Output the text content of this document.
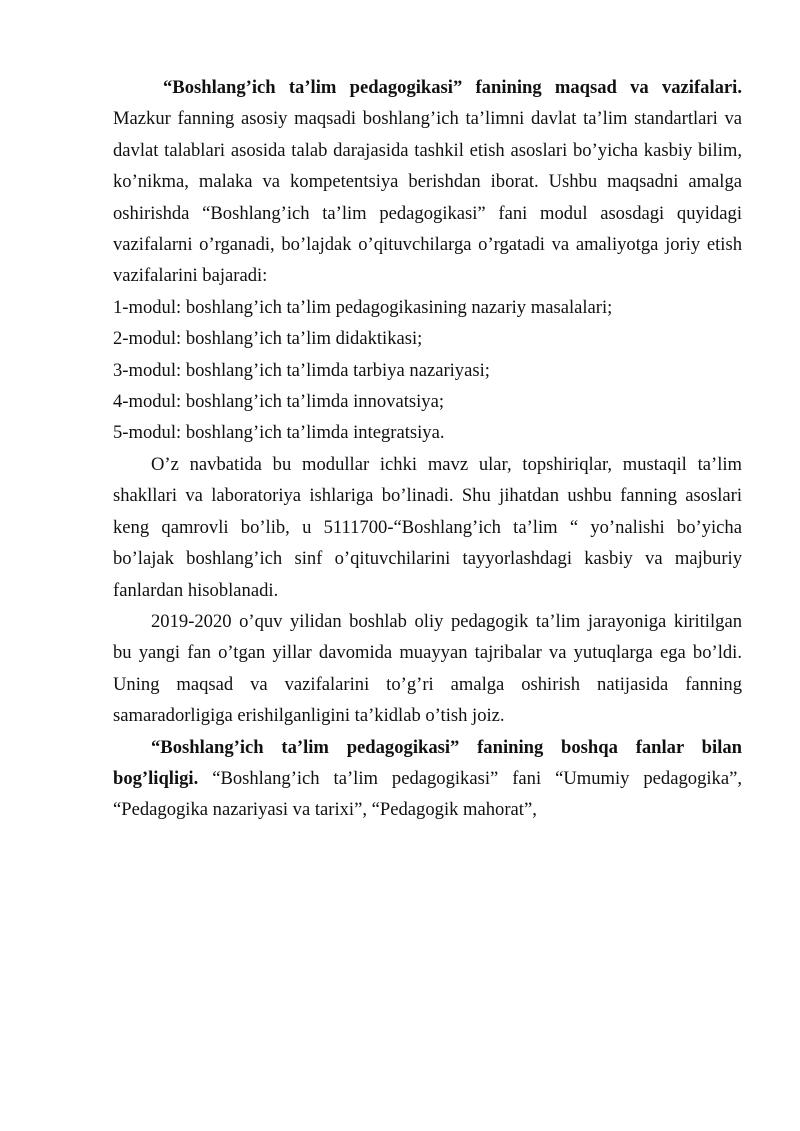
“Boshlang’ich ta’lim pedagogikasi” fanining maqsad va vazifalari. Mazkur fanning asosiy maqsadi boshlang’ich ta’limni davlat ta’lim standartlari va davlat talablari asosida talab darajasida tashkil etish asoslari bo’yicha kasbiy bilim, ko’nikma, malaka va kompetentsiya berishdan iborat. Ushbu maqsadni amalga oshirishda “Boshlang’ich ta’lim pedagogikasi” fani modul asosdagi quyidagi vazifalarni o’rganadi, bo’lajdak o’qituvchilarga o’rgatadi va amaliyotga joriy etish vazifalarini bajaradi:

1-modul: boshlang’ich ta’lim pedagogikasining nazariy masalalari;

2-modul: boshlang’ich ta’lim didaktikasi;

3-modul: boshlang’ich ta’limda tarbiya nazariyasi;

4-modul: boshlang’ich ta’limda innovatsiya;

5-modul: boshlang’ich ta’limda integratsiya.

O’z navbatida bu modullar ichki mavz ular, topshiriqlar, mustaqil ta’lim shakllari va laboratoriya ishlariga bo’linadi. Shu jihatdan ushbu fanning asoslari keng qamrovli bo’lib, u 5111700-“Boshlang’ich ta’lim “ yo’nalishi bo’yicha bo’lajak boshlang’ich sinf o’qituvchilarini tayyorlashdagi kasbiy va majburiy fanlardan hisoblanadi.

2019-2020 o’quv yilidan boshlab oliy pedagogik ta’lim jarayoniga kiritilgan bu yangi fan o’tgan yillar davomida muayyan tajribalar va yutuqlarga ega bo’ldi. Uning maqsad va vazifalarini to’g’ri amalga oshirish natijasida fanning samaradorligiga erishilganligini ta’kidlab o’tish joiz.

“Boshlang’ich ta’lim pedagogikasi” fanining boshqa fanlar bilan bog’liqligi. “Boshlang’ich ta’lim pedagogikasi” fani “Umumiy pedagogika”, “Pedagogika nazariyasi va tarixi”, “Pedagogik mahorat”,
